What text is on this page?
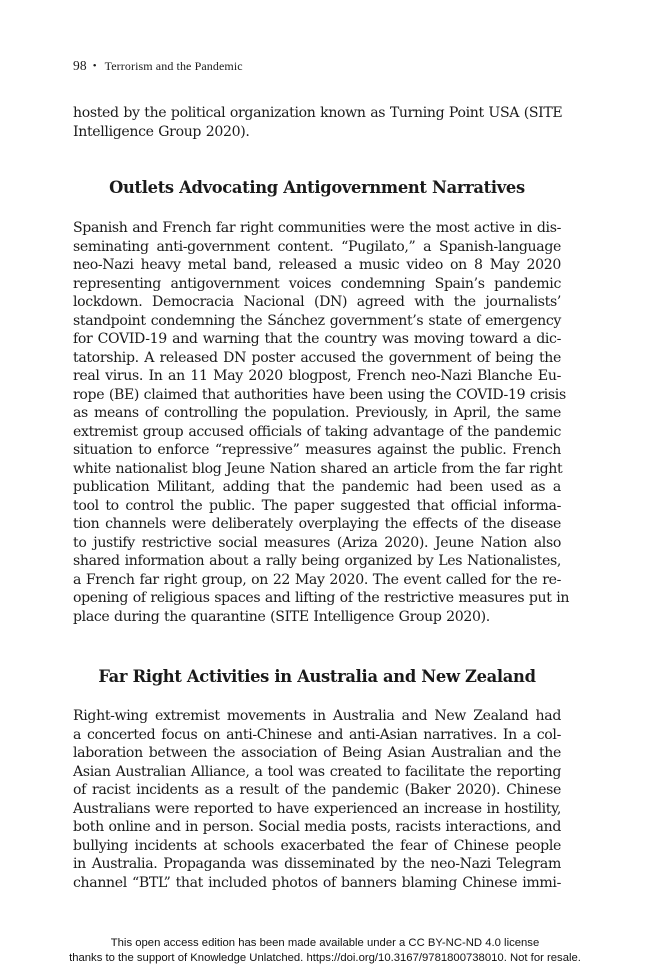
98 • Terrorism and the Pandemic
hosted by the political organization known as Turning Point USA (SITE
Intelligence Group 2020).
Outlets Advocating Antigovernment Narratives
Spanish and French far right communities were the most active in dis-
seminating anti-government content. “Pugilato,” a Spanish-language
neo-Nazi heavy metal band, released a music video on 8 May 2020
representing antigovernment voices condemning Spain’s pandemic
lockdown. Democracia Nacional (DN) agreed with the journalists’
standpoint condemning the Sánchez government’s state of emergency
for COVID-19 and warning that the country was moving toward a dic-
tatorship. A released DN poster accused the government of being the
real virus. In an 11 May 2020 blogpost, French neo-Nazi Blanche Eu-
rope (BE) claimed that authorities have been using the COVID-19 crisis
as means of controlling the population. Previously, in April, the same
extremist group accused officials of taking advantage of the pandemic
situation to enforce “repressive” measures against the public. French
white nationalist blog Jeune Nation shared an article from the far right
publication Militant, adding that the pandemic had been used as a
tool to control the public. The paper suggested that official informa-
tion channels were deliberately overplaying the effects of the disease
to justify restrictive social measures (Ariza 2020). Jeune Nation also
shared information about a rally being organized by Les Nationalistes,
a French far right group, on 22 May 2020. The event called for the re-
opening of religious spaces and lifting of the restrictive measures put in
place during the quarantine (SITE Intelligence Group 2020).
Far Right Activities in Australia and New Zealand
Right-wing extremist movements in Australia and New Zealand had
a concerted focus on anti-Chinese and anti-Asian narratives. In a col-
laboration between the association of Being Asian Australian and the
Asian Australian Alliance, a tool was created to facilitate the reporting
of racist incidents as a result of the pandemic (Baker 2020). Chinese
Australians were reported to have experienced an increase in hostility,
both online and in person. Social media posts, racists interactions, and
bullying incidents at schools exacerbated the fear of Chinese people
in Australia. Propaganda was disseminated by the neo-Nazi Telegram
channel “BTL” that included photos of banners blaming Chinese immi-
This open access edition has been made available under a CC BY-NC-ND 4.0 license
thanks to the support of Knowledge Unlatched. https://doi.org/10.3167/9781800738010. Not for resale.
